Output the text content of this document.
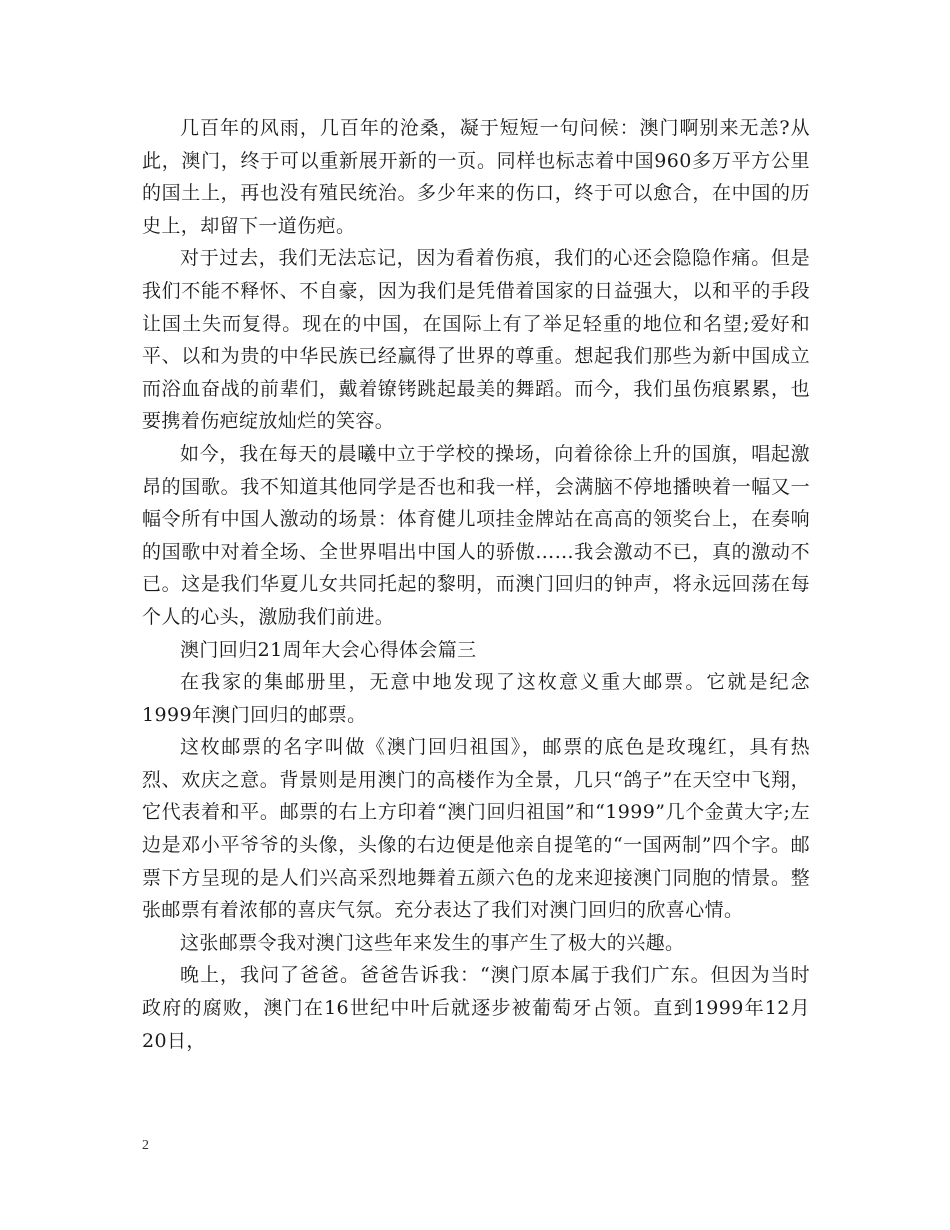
几百年的风雨，几百年的沧桑，凝于短短一句问候：澳门啊别来无恙?从此，澳门，终于可以重新展开新的一页。同样也标志着中国960多万平方公里的国土上，再也没有殖民统治。多少年来的伤口，终于可以愈合，在中国的历史上，却留下一道伤疤。

对于过去，我们无法忘记，因为看着伤痕，我们的心还会隐隐作痛。但是我们不能不释怀、不自豪，因为我们是凭借着国家的日益强大，以和平的手段让国土失而复得。现在的中国，在国际上有了举足轻重的地位和名望;爱好和平、以和为贵的中华民族已经赢得了世界的尊重。想起我们那些为新中国成立而浴血奋战的前辈们，戴着镣铐跳起最美的舞蹈。而今，我们虽伤痕累累，也要携着伤疤绽放灿烂的笑容。

如今，我在每天的晨曦中立于学校的操场，向着徐徐上升的国旗，唱起激昂的国歌。我不知道其他同学是否也和我一样，会满脑不停地播映着一幅又一幅令所有中国人激动的场景：体育健儿项挂金牌站在高高的领奖台上，在奏响的国歌中对着全场、全世界唱出中国人的骄傲……我会激动不已，真的激动不已。这是我们华夏儿女共同托起的黎明，而澳门回归的钟声，将永远回荡在每个人的心头，激励我们前进。

澳门回归21周年大会心得体会篇三

在我家的集邮册里，无意中地发现了这枚意义重大邮票。它就是纪念1999年澳门回归的邮票。

这枚邮票的名字叫做《澳门回归祖国》，邮票的底色是玫瑰红，具有热烈、欢庆之意。背景则是用澳门的高楼作为全景，几只“鸽子”在天空中飞翔，它代表着和平。邮票的右上方印着“澳门回归祖国”和“1999”几个金黄大字;左边是邓小平爷爷的头像，头像的右边便是他亲自提笔的“一国两制”四个字。邮票下方呈现的是人们兴高采烈地舞着五颜六色的龙来迎接澳门同胞的情景。整张邮票有着浓郁的喜庆气氛。充分表达了我们对澳门回归的欣喜心情。

这张邮票令我对澳门这些年来发生的事产生了极大的兴趣。

晚上，我问了爸爸。爸爸告诉我：“澳门原本属于我们广东。但因为当时政府的腐败，澳门在16世纪中叶后就逐步被葡萄牙占领。直到1999年12月20日，

2
